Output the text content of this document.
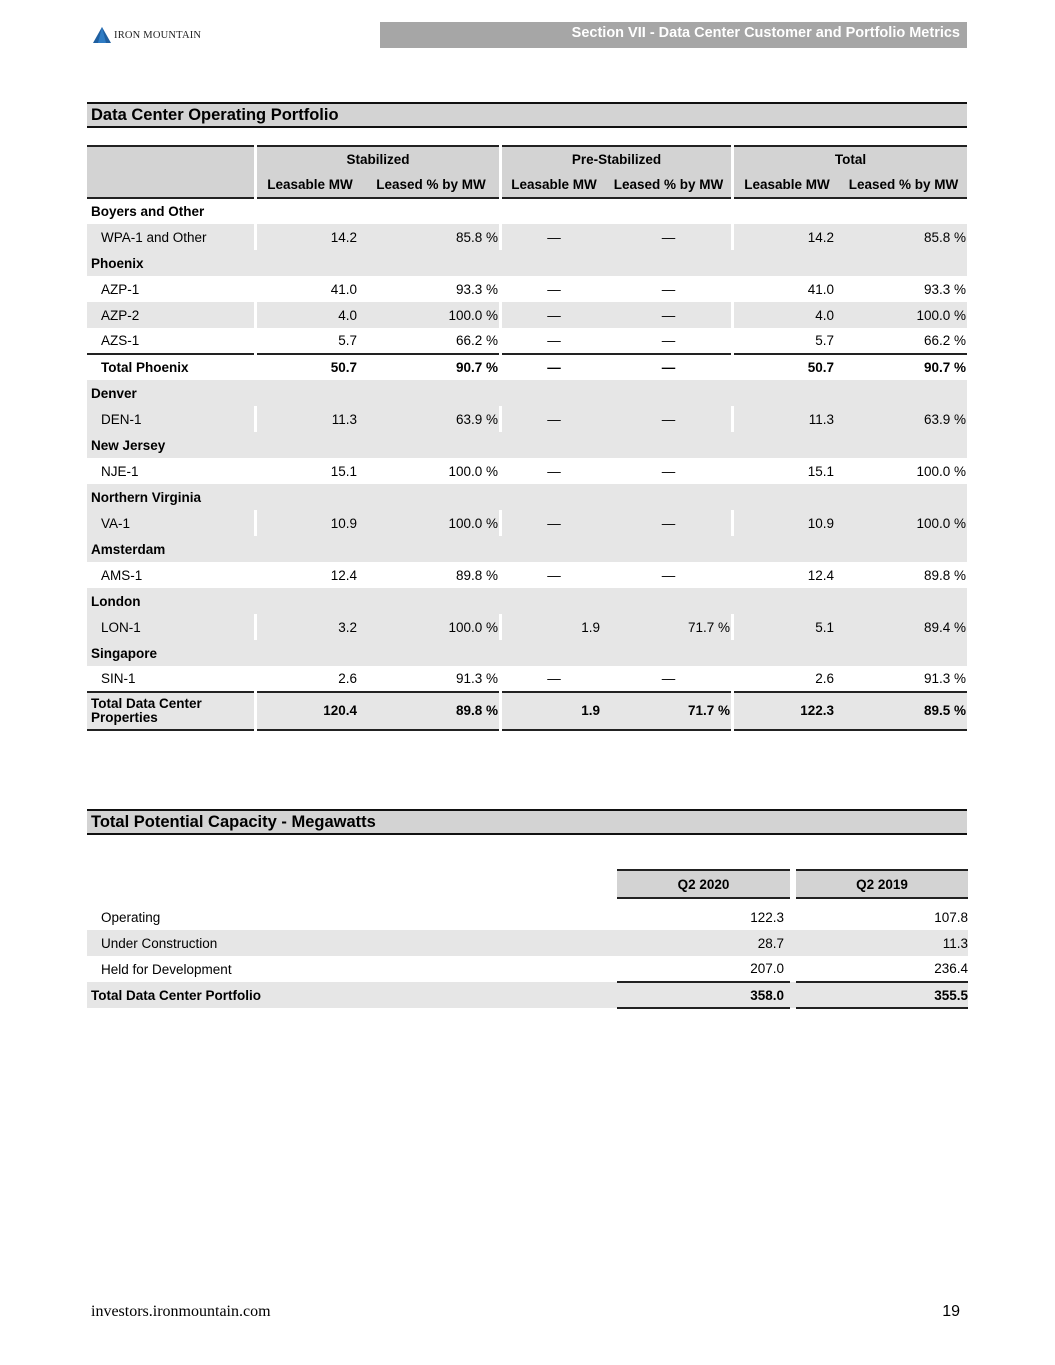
IRON MOUNTAIN	Section VII - Data Center Customer and Portfolio Metrics
Data Center Operating Portfolio
		Stabilized			Pre-Stabilized			Total	
		Leasable MW	Leased % by MW		Leasable MW	Leased % by MW		Leasable MW	Leased % by MW
Boyers and Other									
WPA-1 and Other		14.2	85.8 %		—	—		14.2	85.8 %
Phoenix									
AZP-1		41.0	93.3 %		—	—		41.0	93.3 %
AZP-2		4.0	100.0 %		—	—		4.0	100.0 %
AZS-1		5.7	66.2 %		—	—		5.7	66.2 %
Total Phoenix		50.7	90.7 %		—	—		50.7	90.7 %
Denver									
DEN-1		11.3	63.9 %		—	—		11.3	63.9 %
New Jersey									
NJE-1		15.1	100.0 %		—	—		15.1	100.0 %
Northern Virginia									
VA-1		10.9	100.0 %		—	—		10.9	100.0 %
Amsterdam									
AMS-1		12.4	89.8 %		—	—		12.4	89.8 %
London									
LON-1		3.2	100.0 %		1.9	71.7 %		5.1	89.4 %
Singapore									
SIN-1		2.6	91.3 %		—	—		2.6	91.3 %

Total Data Center
Properties		120.4	89.8 %		1.9	71.7 %		122.3	89.5 %
Total Potential Capacity - Megawatts
	Q2 2020		Q2 2019

Operating	122.3		107.8
Under Construction	28.7		11.3
Held for Development	207.0		236.4
Total Data Center Portfolio	358.0		355.5
investors.ironmountain.com	19
